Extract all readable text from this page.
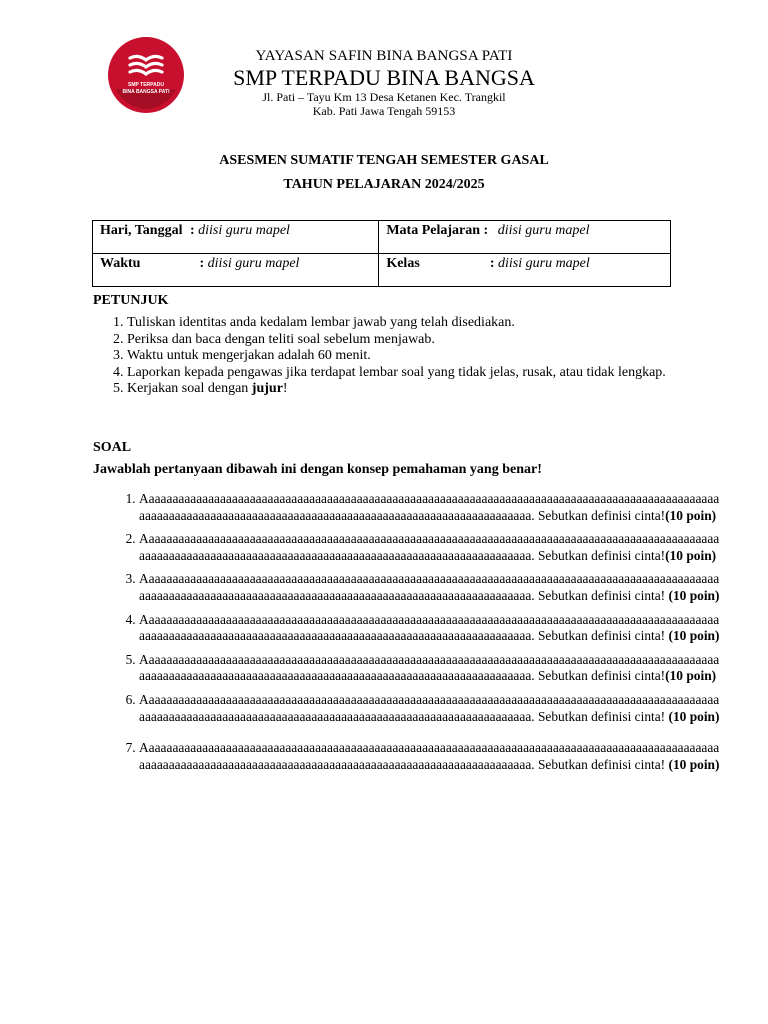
SMP TERPADU
BINA BANGSA PATI
YAYASAN SAFIN BINA BANGSA PATI
SMP TERPADU BINA BANGSA
Jl. Pati – Tayu Km 13 Desa Ketanen Kec. Trangkil
Kab. Pati Jawa Tengah 59153
ASESMEN SUMATIF TENGAH SEMESTER GASAL
TAHUN PELAJARAN 2024/2025
Hari, Tanggal : diisi guru mapel	Mata Pelajaran : diisi guru mapel
Waktu : diisi guru mapel	Kelas : diisi guru mapel
PETUNJUK
1. Tuliskan identitas anda kedalam lembar jawab yang telah disediakan.
2. Periksa dan baca dengan teliti soal sebelum menjawab.
3. Waktu untuk mengerjakan adalah 60 menit.
4. Laporkan kepada pengawas jika terdapat lembar soal yang tidak jelas, rusak, atau tidak lengkap.
5. Kerjakan soal dengan jujur!
SOAL
Jawablah pertanyaan dibawah ini dengan konsep pemahaman yang benar!
1. Aaaaaaaaaaaaaaaaaaaaaaaaaaaaaaaaaaaaaaaaaaaaaaaaaaaaaaaaaaaaaaaaaaaaaaaaaaaaaaaaaaaaaaaaaaaaaaaaaaaaaaaaaaaaaaaaaaaaaaaaaaaaaaaaaaaaaaaaaaaaaaaaaaaaaaaaaaaaaaaaaaa. Sebutkan definisi cinta!(10 poin)
2. Aaaaaaaaaaaaaaaaaaaaaaaaaaaaaaaaaaaaaaaaaaaaaaaaaaaaaaaaaaaaaaaaaaaaaaaaaaaaaaaaaaaaaaaaaaaaaaaaaaaaaaaaaaaaaaaaaaaaaaaaaaaaaaaaaaaaaaaaaaaaaaaaaaaaaaaaaaaaaaaaaaa. Sebutkan definisi cinta!(10 poin)
3. Aaaaaaaaaaaaaaaaaaaaaaaaaaaaaaaaaaaaaaaaaaaaaaaaaaaaaaaaaaaaaaaaaaaaaaaaaaaaaaaaaaaaaaaaaaaaaaaaaaaaaaaaaaaaaaaaaaaaaaaaaaaaaaaaaaaaaaaaaaaaaaaaaaaaaaaaaaaaaaaaaaa. Sebutkan definisi cinta! (10 poin)
4. Aaaaaaaaaaaaaaaaaaaaaaaaaaaaaaaaaaaaaaaaaaaaaaaaaaaaaaaaaaaaaaaaaaaaaaaaaaaaaaaaaaaaaaaaaaaaaaaaaaaaaaaaaaaaaaaaaaaaaaaaaaaaaaaaaaaaaaaaaaaaaaaaaaaaaaaaaaaaaaaaaaa. Sebutkan definisi cinta! (10 poin)
5. Aaaaaaaaaaaaaaaaaaaaaaaaaaaaaaaaaaaaaaaaaaaaaaaaaaaaaaaaaaaaaaaaaaaaaaaaaaaaaaaaaaaaaaaaaaaaaaaaaaaaaaaaaaaaaaaaaaaaaaaaaaaaaaaaaaaaaaaaaaaaaaaaaaaaaaaaaaaaaaaaaaa. Sebutkan definisi cinta!(10 poin)
6. Aaaaaaaaaaaaaaaaaaaaaaaaaaaaaaaaaaaaaaaaaaaaaaaaaaaaaaaaaaaaaaaaaaaaaaaaaaaaaaaaaaaaaaaaaaaaaaaaaaaaaaaaaaaaaaaaaaaaaaaaaaaaaaaaaaaaaaaaaaaaaaaaaaaaaaaaaaaaaaaaaaa. Sebutkan definisi cinta! (10 poin)
7. Aaaaaaaaaaaaaaaaaaaaaaaaaaaaaaaaaaaaaaaaaaaaaaaaaaaaaaaaaaaaaaaaaaaaaaaaaaaaaaaaaaaaaaaaaaaaaaaaaaaaaaaaaaaaaaaaaaaaaaaaaaaaaaaaaaaaaaaaaaaaaaaaaaaaaaaaaaaaaaaaaaa. Sebutkan definisi cinta! (10 poin)
